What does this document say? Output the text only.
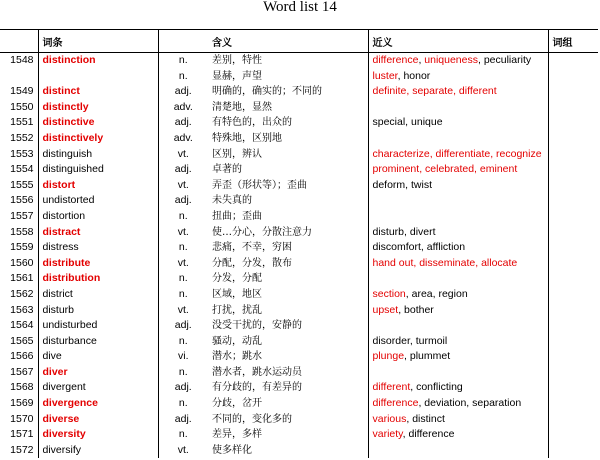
Word list 14
	词条		含义	近义	词组
1548	distinction	n.	差别，特性	difference, uniqueness, peculiarity	
		n.	显赫，声望	luster, honor	
1549	distinct	adj.	明确的，确实的；不同的	definite, separate, different	
1550	distinctly	adv.	清楚地，显然		
1551	distinctive	adj.	有特色的，出众的	special, unique	
1552	distinctively	adv.	特殊地，区别地		
1553	distinguish	vt.	区别，辨认	characterize, differentiate, recognize	
1554	distinguished	adj.	卓著的	prominent, celebrated, eminent	
1555	distort	vt.	弄歪（形状等）；歪曲	deform, twist	
1556	undistorted	adj.	未失真的		
1557	distortion	n.	扭曲；歪曲		
1558	distract	vt.	使…分心，分散注意力	disturb, divert	
1559	distress	n.	悲痛，不幸，穷困	discomfort, affliction	
1560	distribute	vt.	分配，分发，散布	hand out, disseminate, allocate	
1561	distribution	n.	分发，分配		
1562	district	n.	区域，地区	section, area, region	
1563	disturb	vt.	打扰，扰乱	upset, bother	
1564	undisturbed	adj.	没受干扰的，安静的		
1565	disturbance	n.	骚动，动乱	disorder, turmoil	
1566	dive	vi.	潜水；跳水	plunge, plummet	
1567	diver	n.	潜水者，跳水运动员		
1568	divergent	adj.	有分歧的，有差异的	different, conflicting	
1569	divergence	n.	分歧，岔开	difference, deviation, separation	
1570	diverse	adj.	不同的，变化多的	various, distinct	
1571	diversity	n.	差异，多样	variety, difference	
1572	diversify	vt.	使多样化		
